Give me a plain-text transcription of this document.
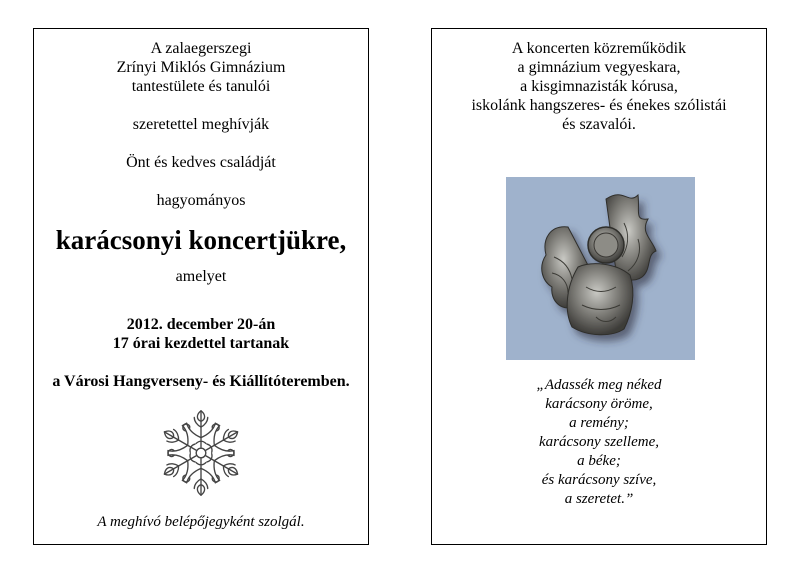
A zalaegerszegi
Zrínyi Miklós Gimnázium
tantestülete és tanulói
szeretettel meghívják
Önt és kedves családját
hagyományos
karácsonyi koncertjükre,
amelyet
2012. december 20-án
17 órai kezdettel tartanak
a Városi Hangverseny- és Kiállítóteremben.
A meghívó belépőjegyként szolgál.
A koncerten közreműködik
a gimnázium vegyeskara,
a kisgimnazisták kórusa,
iskolánk hangszeres- és énekes szólistái
és szavalói.
„Adassék meg néked
karácsony öröme,
a remény;
karácsony szelleme,
a béke;
és karácsony szíve,
a szeretet.”
